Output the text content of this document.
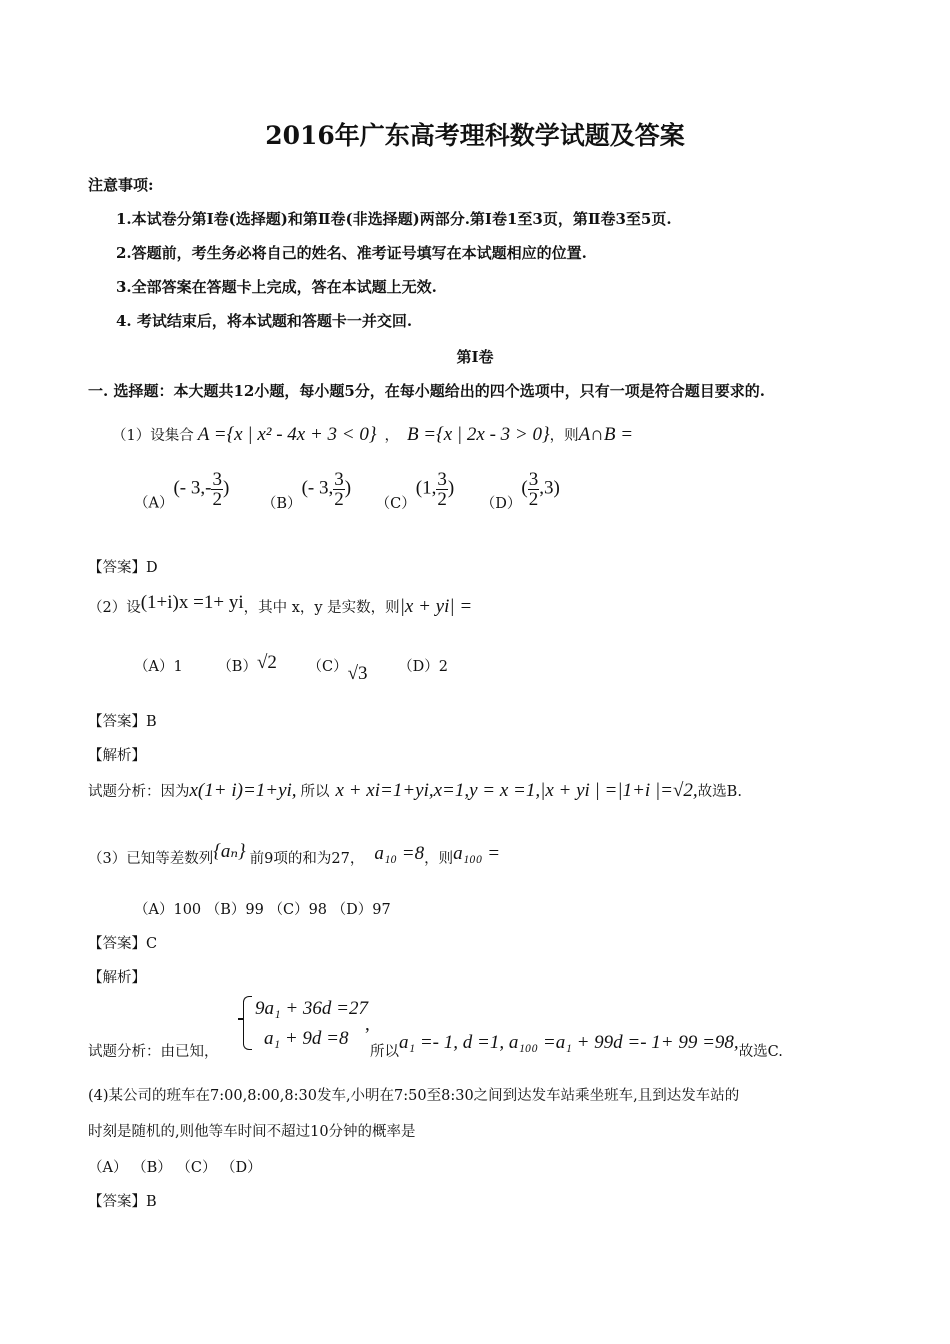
2016年广东高考理科数学试题及答案
注意事项:
1.本试卷分第Ⅰ卷(选择题)和第Ⅱ卷(非选择题)两部分.第Ⅰ卷1至3页，第Ⅱ卷3至5页.
2.答题前，考生务必将自己的姓名、准考证号填写在本试题相应的位置.
3.全部答案在答题卡上完成，答在本试题上无效.
4. 考试结束后，将本试题和答题卡一并交回.
第Ⅰ卷
一. 选择题：本大题共12小题，每小题5分，在每小题给出的四个选项中，只有一项是符合题目要求的.
（1）设集合 A ={x | x² - 4x + 3 < 0} ， B ={x | 2x - 3 > 0}，则A∩B =
（A）(- $3,- \frac{3}{2}$ ) （B）(- 3, $\frac{3}{2}$ ) （C）(1, $\frac{3}{2}$ ) $(D)( \frac{3}{2} ,3)$
【答案】D
（2）设(1+i)x =1+ yi，其中 x，y 是实数，则|x + yi| =
（A）1 （B）√2 （C）√3 （D）2
【答案】B
【解析】
试题分析：因为x(1+ i)=1+yi, 所以 x + xi=1+yi,x=1,y = x =1,|x + yi | =|1+i |=√2,故选B.
（3）已知等差数列{aₙ} 前9项的和为27， a₁₀ =8，则a₁₀₀ =
（A）100 （B）99 （C）98 （D）97
【答案】C
【解析】
9a₁ + 36d =27
a₁ + 9d =8
,
试题分析：由已知，	所以a₁ =- 1, d =1, a₁₀₀ =a₁ + 99d =- 1+ 99 =98,故选C.
(4)某公司的班车在7:00,8:00,8:30发车,小明在7:50至8:30之间到达发车站乘坐班车,且到达发车站的
时刻是随机的,则他等车时间不超过10分钟的概率是
（A） （B） （C） （D）
【答案】B
